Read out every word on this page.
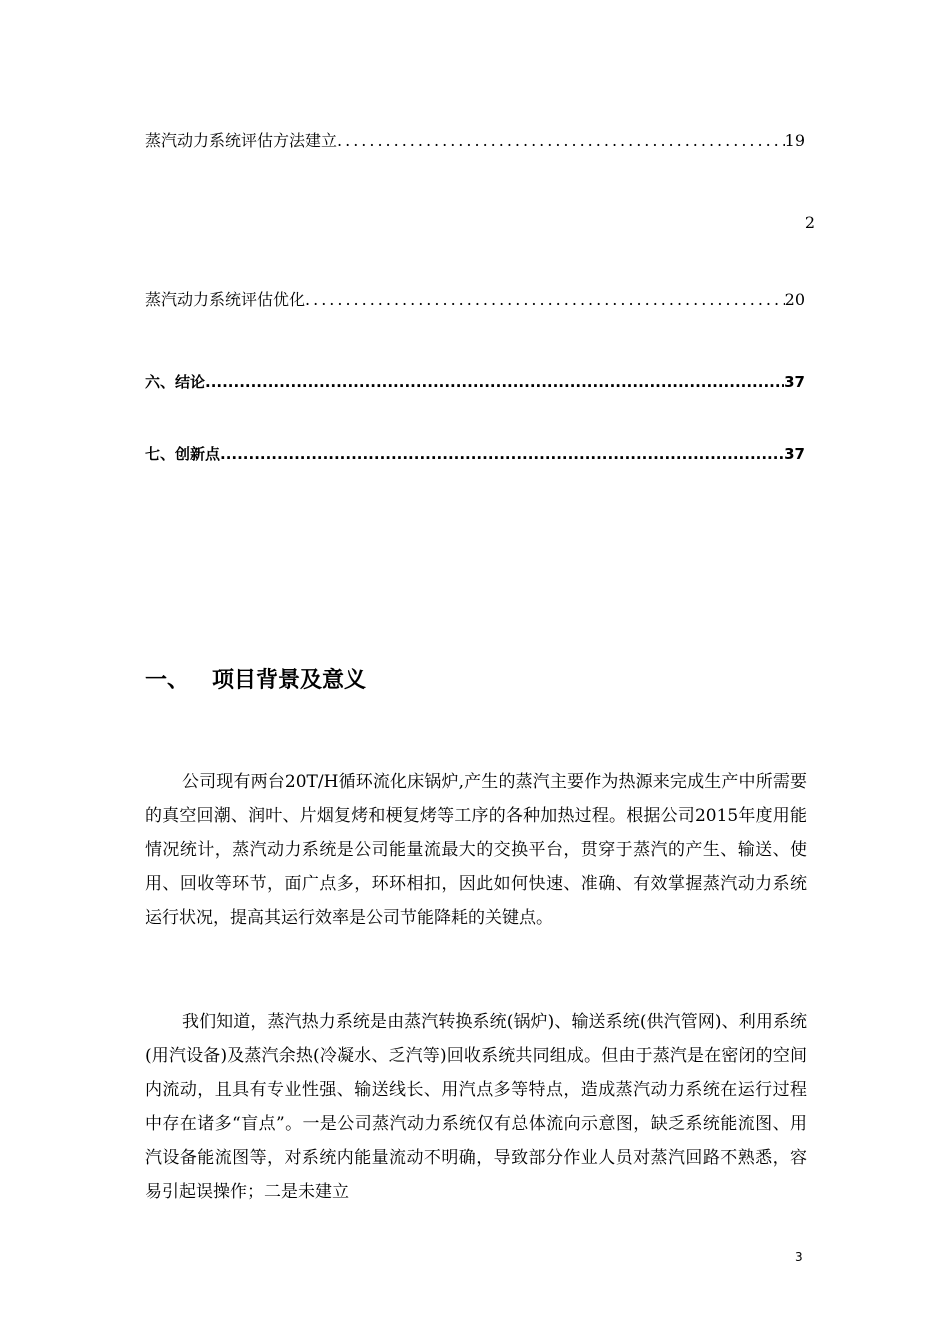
蒸汽动力系统评估方法建立 .....	19
2
蒸汽动力系统评估优化 .....	20
六、结论 .....	37
七、创新点 .....	37
一、 项目背景及意义

公司现有两台20T/H循环流化床锅炉,产生的蒸汽主要作为热源来完成生产中所需要的真空回潮、润叶、片烟复烤和梗复烤等工序的各种加热过程。根据公司2015年度用能情况统计，蒸汽动力系统是公司能量流最大的交换平台，贯穿于蒸汽的产生、输送、使用、回收等环节，面广点多，环环相扣，因此如何快速、准确、有效掌握蒸汽动力系统运行状况，提高其运行效率是公司节能降耗的关键点。

我们知道，蒸汽热力系统是由蒸汽转换系统(锅炉)、输送系统(供汽管网)、利用系统(用汽设备)及蒸汽余热(冷凝水、乏汽等)回收系统共同组成。但由于蒸汽是在密闭的空间内流动，且具有专业性强、输送线长、用汽点多等特点，造成蒸汽动力系统在运行过程中存在诸多“盲点”。一是公司蒸汽动力系统仅有总体流向示意图，缺乏系统能流图、用汽设备能流图等，对系统内能量流动不明确，导致部分作业人员对蒸汽回路不熟悉，容易引起误操作；二是未建立

3
